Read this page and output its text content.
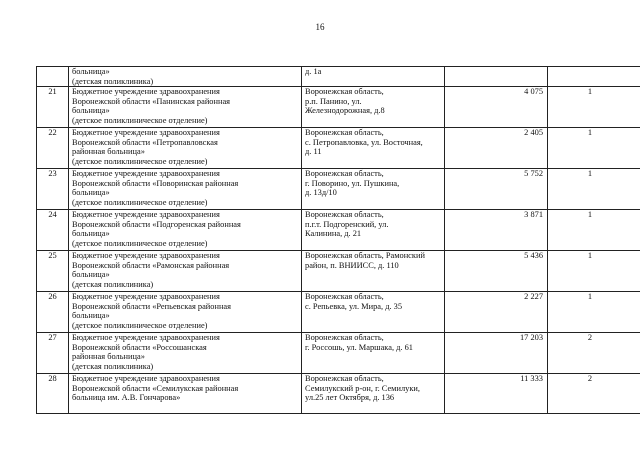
16
	больница»
(детская поликлиника)	д. 1а		
21	Бюджетное учреждение здравоохранения
Воронежской области «Панинская районная
больница»
(детское поликлиническое отделение)	Воронежская область,
р.п. Панино, ул.
Железнодорожная, д.8	4 075	1
22	Бюджетное учреждение здравоохранения
Воронежской области «Петропавловская
районная больница»
(детское поликлиническое отделение)	Воронежская область,
с. Петропавловка, ул. Восточная,
д. 11	2 405	1
23	Бюджетное учреждение здравоохранения
Воронежской области «Поворинская районная
больница»
(детское поликлиническое отделение)	Воронежская область,
г. Поворино, ул. Пушкина,
д. 13д/10	5 752	1
24	Бюджетное учреждение здравоохранения
Воронежской области «Подгоренская районная
больница»
(детское поликлиническое отделение)	Воронежская область,
п.г.т. Подгоренский, ул.
Калинина, д. 21	3 871	1
25	Бюджетное учреждение здравоохранения
Воронежской области «Рамонская районная
больница»
(детская поликлиника)	Воронежская область, Рамонский
район, п. ВНИИСС, д. 110	5 436	1
26	Бюджетное учреждение здравоохранения
Воронежской области «Репьевская районная
больница»
(детское поликлиническое отделение)	Воронежская область,
с. Репьевка, ул. Мира, д. 35	2 227	1
27	Бюджетное учреждение здравоохранения
Воронежской области «Россошанская
районная больница»
(детская поликлиника)	Воронежская область,
г. Россошь, ул. Маршака, д. 61	17 203	2
28	Бюджетное учреждение здравоохранения
Воронежской области «Семилукская районная
больница им. А.В. Гончарова»	Воронежская область,
Семилукский р-он, г. Семилуки,
ул.25 лет Октября, д. 136	11 333	2
